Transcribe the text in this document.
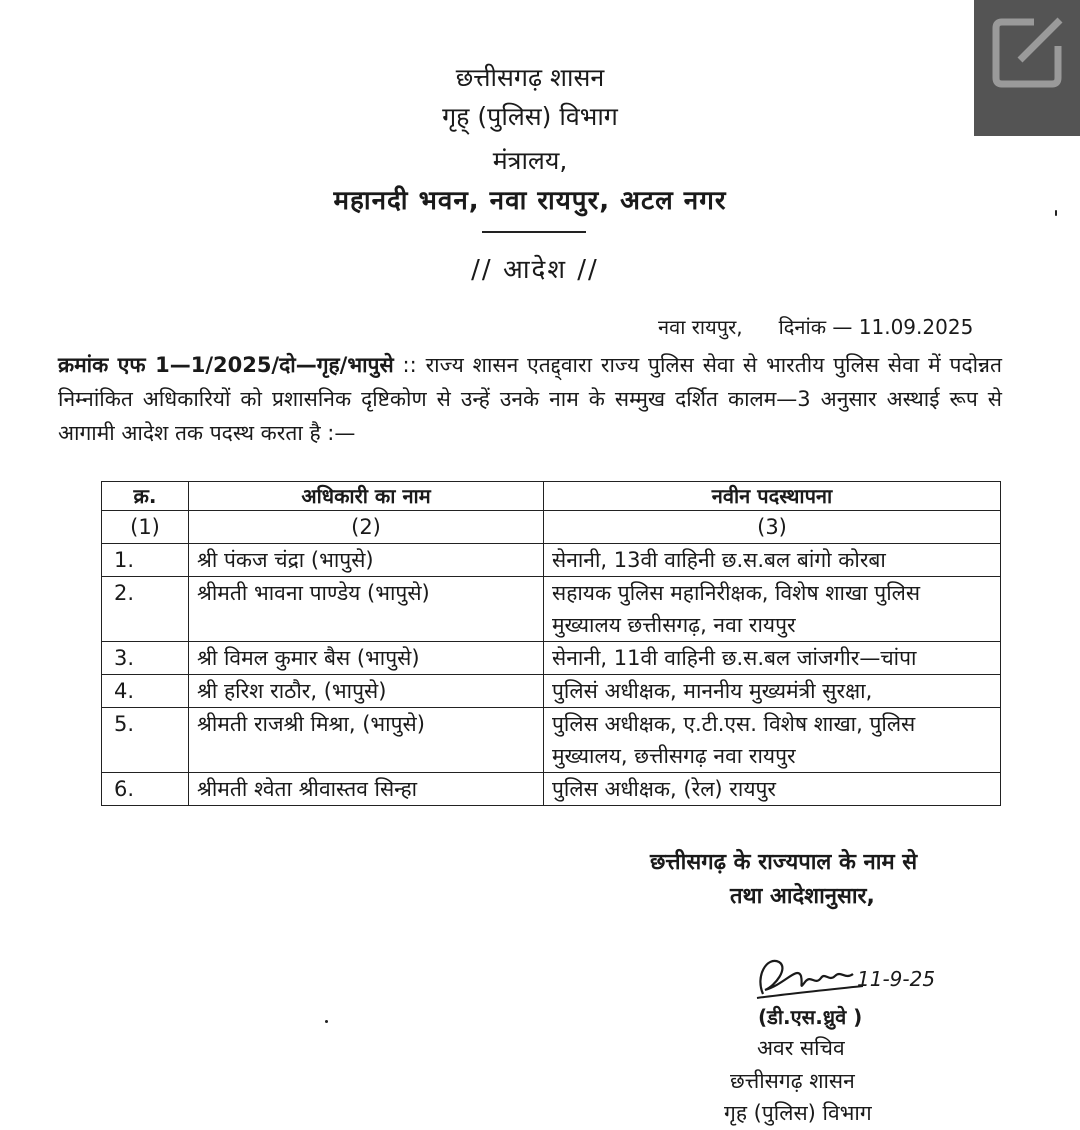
छत्तीसगढ़ शासन
गृह् (पुलिस) विभाग
मंत्रालय,
महानदी भवन, नवा रायपुर, अटल नगर
// आदेश //
नवा रायपुर, दिनांक — 11.09.2025
क्रमांक एफ 1—1/2025/दो—गृह/भापुसे :: राज्य शासन एतद्द्वारा राज्य पुलिस सेवा से भारतीय पुलिस सेवा में पदोन्नत निम्नांकित अधिकारियों को प्रशासनिक दृष्टिकोण से उन्हें उनके नाम के सम्मुख दर्शित कालम—3 अनुसार अस्थाई रूप से आगामी आदेश तक पदस्थ करता है :—
क्र.	अधिकारी का नाम	नवीन पदस्थापना
(1)	(2)	(3)
1.	श्री पंकज चंद्रा (भापुसे)	सेनानी, 13वी वाहिनी छ.स.बल बांगो कोरबा
2.	श्रीमती भावना पाण्डेय (भापुसे)	सहायक पुलिस महानिरीक्षक, विशेष शाखा पुलिस मुख्यालय छत्तीसगढ़, नवा रायपुर
3.	श्री विमल कुमार बैस (भापुसे)	सेनानी, 11वी वाहिनी छ.स.बल जांजगीर—चांपा
4.	श्री हरिश राठौर, (भापुसे)	पुलिसं अधीक्षक, माननीय मुख्यमंत्री सुरक्षा,
5.	श्रीमती राजश्री मिश्रा, (भापुसे)	पुलिस अधीक्षक, ए.टी.एस. विशेष शाखा, पुलिस मुख्यालय, छत्तीसगढ़ नवा रायपुर
6.	श्रीमती श्वेता श्रीवास्तव सिन्हा	पुलिस अधीक्षक, (रेल) रायपुर
छत्तीसगढ़ के राज्यपाल के नाम से
तथा आदेशानुसार,
11-9-25
(डी.एस.ध्रुवे )
अवर सचिव
छत्तीसगढ़ शासन
गृह (पुलिस) विभाग
